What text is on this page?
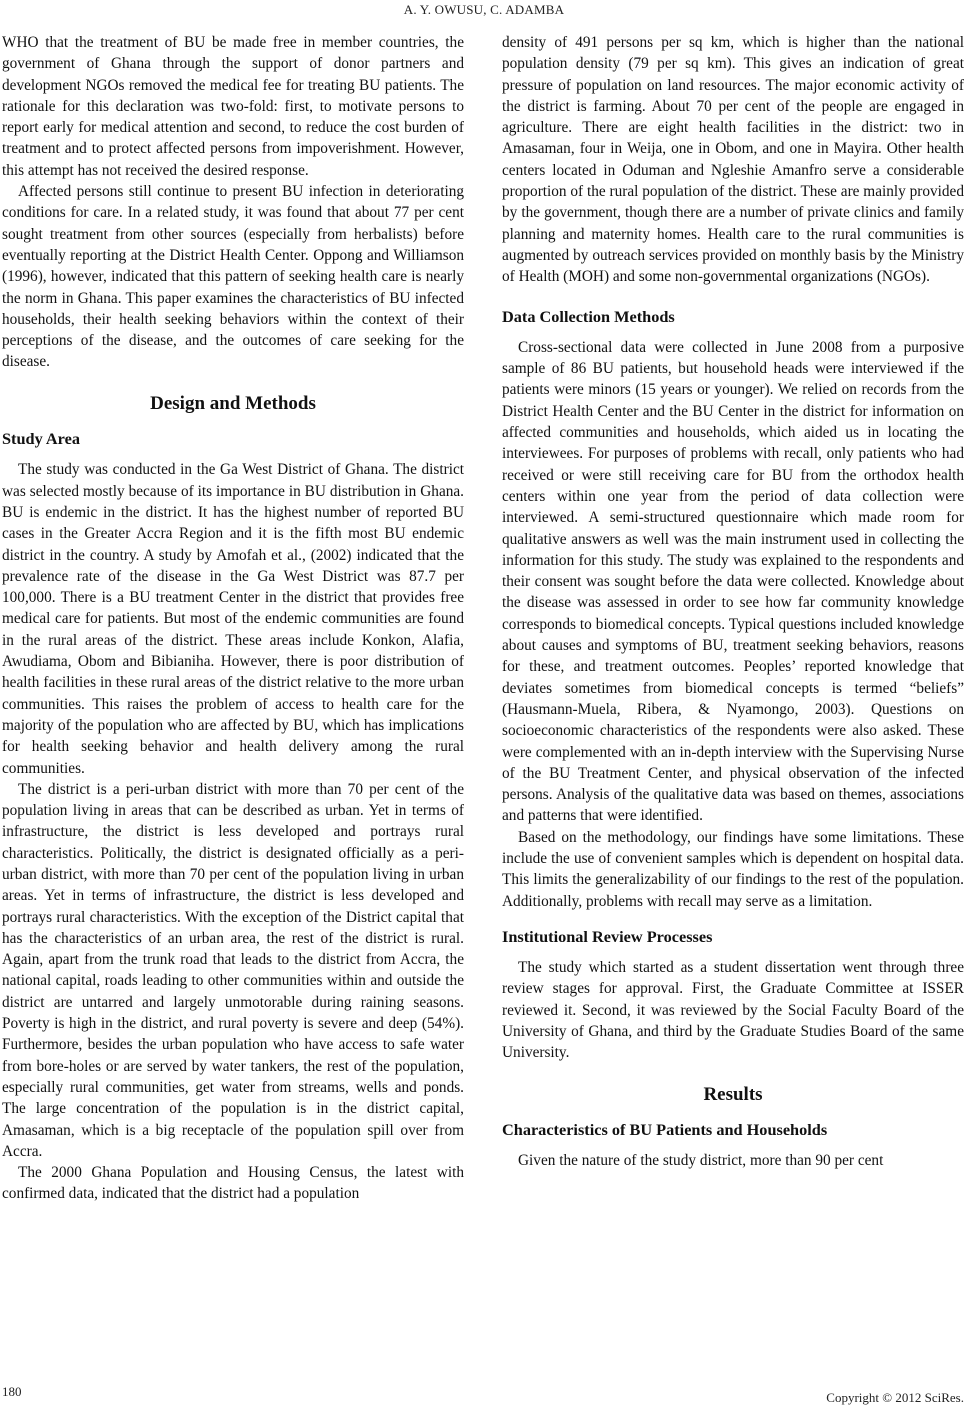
A. Y. OWUSU, C. ADAMBA

WHO that the treatment of BU be made free in member countries, the government of Ghana through the support of donor partners and development NGOs removed the medical fee for treating BU patients. The rationale for this declaration was two-fold: first, to motivate persons to report early for medical attention and second, to reduce the cost burden of treatment and to protect affected persons from impoverishment. However, this attempt has not received the desired response.

Affected persons still continue to present BU infection in deteriorating conditions for care. In a related study, it was found that about 77 per cent sought treatment from other sources (especially from herbalists) before eventually reporting at the District Health Center. Oppong and Williamson (1996), however, indicated that this pattern of seeking health care is nearly the norm in Ghana. This paper examines the characteristics of BU infected households, their health seeking behaviors within the context of their perceptions of the disease, and the outcomes of care seeking for the disease.

Design and Methods
Study Area

The study was conducted in the Ga West District of Ghana. The district was selected mostly because of its importance in BU distribution in Ghana. BU is endemic in the district. It has the highest number of reported BU cases in the Greater Accra Region and it is the fifth most BU endemic district in the country. A study by Amofah et al., (2002) indicated that the prevalence rate of the disease in the Ga West District was 87.7 per 100,000. There is a BU treatment Center in the district that provides free medical care for patients. But most of the endemic communities are found in the rural areas of the district. These areas include Konkon, Alafia, Awudiama, Obom and Bibianiha. However, there is poor distribution of health facilities in these rural areas of the district relative to the more urban communities. This raises the problem of access to health care for the majority of the population who are affected by BU, which has implications for health seeking behavior and health delivery among the rural communities.

The district is a peri-urban district with more than 70 per cent of the population living in areas that can be described as urban. Yet in terms of infrastructure, the district is less developed and portrays rural characteristics. Politically, the district is designated officially as a peri-urban district, with more than 70 per cent of the population living in urban areas. Yet in terms of infrastructure, the district is less developed and portrays rural characteristics. With the exception of the District capital that has the characteristics of an urban area, the rest of the district is rural. Again, apart from the trunk road that leads to the district from Accra, the national capital, roads leading to other communities within and outside the district are untarred and largely unmotorable during raining seasons. Poverty is high in the district, and rural poverty is severe and deep (54%). Furthermore, besides the urban population who have access to safe water from bore-holes or are served by water tankers, the rest of the population, especially rural communities, get water from streams, wells and ponds. The large concentration of the population is in the district capital, Amasaman, which is a big receptacle of the population spill over from Accra.

The 2000 Ghana Population and Housing Census, the latest with confirmed data, indicated that the district had a population

density of 491 persons per sq km, which is higher than the national population density (79 per sq km). This gives an indication of great pressure of population on land resources. The major economic activity of the district is farming. About 70 per cent of the people are engaged in agriculture. There are eight health facilities in the district: two in Amasaman, four in Weija, one in Obom, and one in Mayira. Other health centers located in Oduman and Ngleshie Amanfro serve a considerable proportion of the rural population of the district. These are mainly provided by the government, though there are a number of private clinics and family planning and maternity homes. Health care to the rural communities is augmented by outreach services provided on monthly basis by the Ministry of Health (MOH) and some non-governmental organizations (NGOs).

Data Collection Methods

Cross-sectional data were collected in June 2008 from a purposive sample of 86 BU patients, but household heads were interviewed if the patients were minors (15 years or younger). We relied on records from the District Health Center and the BU Center in the district for information on affected communities and households, which aided us in locating the interviewees. For purposes of problems with recall, only patients who had received or were still receiving care for BU from the orthodox health centers within one year from the period of data collection were interviewed. A semi-structured questionnaire which made room for qualitative answers as well was the main instrument used in collecting the information for this study. The study was explained to the respondents and their consent was sought before the data were collected. Knowledge about the disease was assessed in order to see how far community knowledge corresponds to biomedical concepts. Typical questions included knowledge about causes and symptoms of BU, treatment seeking behaviors, reasons for these, and treatment outcomes. Peoples’ reported knowledge that deviates sometimes from biomedical concepts is termed “beliefs” (Hausmann-Muela, Ribera, & Nyamongo, 2003). Questions on socioeconomic characteristics of the respondents were also asked. These were complemented with an in-depth interview with the Supervising Nurse of the BU Treatment Center, and physical observation of the infected persons. Analysis of the qualitative data was based on themes, associations and patterns that were identified.

Based on the methodology, our findings have some limitations. These include the use of convenient samples which is dependent on hospital data. This limits the generalizability of our findings to the rest of the population. Additionally, problems with recall may serve as a limitation.

Institutional Review Processes

The study which started as a student dissertation went through three review stages for approval. First, the Graduate Committee at ISSER reviewed it. Second, it was reviewed by the Social Faculty Board of the University of Ghana, and third by the Graduate Studies Board of the same University.

Results
Characteristics of BU Patients and Households

Given the nature of the study district, more than 90 per cent

180	Copyright © 2012 SciRes.
